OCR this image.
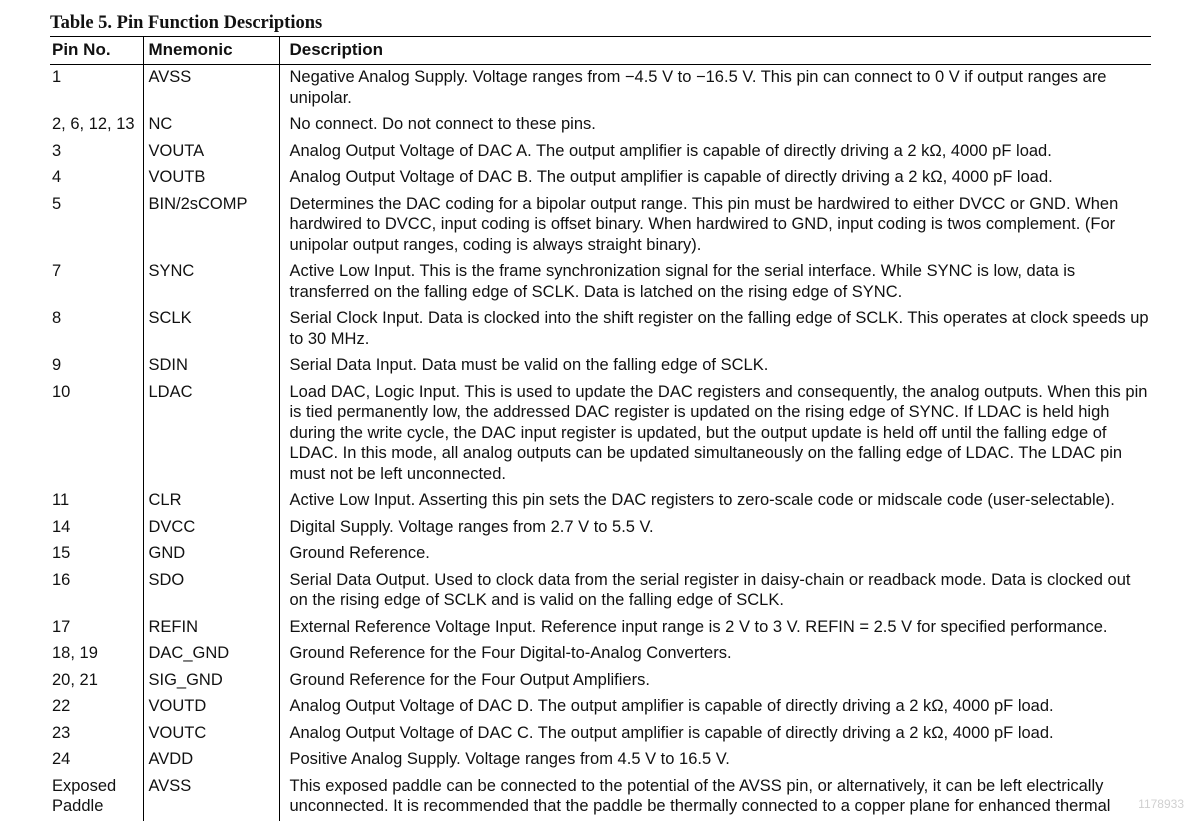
Table 5. Pin Function Descriptions
Pin No.	Mnemonic	Description
1	AVSS	Negative Analog Supply. Voltage ranges from −4.5 V to −16.5 V. This pin can connect to 0 V if output ranges are unipolar.
2, 6, 12, 13	NC	No connect. Do not connect to these pins.
3	VOUTA	Analog Output Voltage of DAC A. The output amplifier is capable of directly driving a 2 kΩ, 4000 pF load.
4	VOUTB	Analog Output Voltage of DAC B. The output amplifier is capable of directly driving a 2 kΩ, 4000 pF load.
5	BIN/2sCOMP	Determines the DAC coding for a bipolar output range. This pin must be hardwired to either DVCC or GND. When hardwired to DVCC, input coding is offset binary. When hardwired to GND, input coding is twos complement. (For unipolar output ranges, coding is always straight binary).
7	SYNC	Active Low Input. This is the frame synchronization signal for the serial interface. While SYNC is low, data is transferred on the falling edge of SCLK. Data is latched on the rising edge of SYNC.
8	SCLK	Serial Clock Input. Data is clocked into the shift register on the falling edge of SCLK. This operates at clock speeds up to 30 MHz.
9	SDIN	Serial Data Input. Data must be valid on the falling edge of SCLK.
10	LDAC	Load DAC, Logic Input. This is used to update the DAC registers and consequently, the analog outputs. When this pin is tied permanently low, the addressed DAC register is updated on the rising edge of SYNC. If LDAC is held high during the write cycle, the DAC input register is updated, but the output update is held off until the falling edge of LDAC. In this mode, all analog outputs can be updated simultaneously on the falling edge of LDAC. The LDAC pin must not be left unconnected.
11	CLR	Active Low Input. Asserting this pin sets the DAC registers to zero-scale code or midscale code (user-selectable).
14	DVCC	Digital Supply. Voltage ranges from 2.7 V to 5.5 V.
15	GND	Ground Reference.
16	SDO	Serial Data Output. Used to clock data from the serial register in daisy-chain or readback mode. Data is clocked out on the rising edge of SCLK and is valid on the falling edge of SCLK.
17	REFIN	External Reference Voltage Input. Reference input range is 2 V to 3 V. REFIN = 2.5 V for specified performance.
18, 19	DAC_GND	Ground Reference for the Four Digital-to-Analog Converters.
20, 21	SIG_GND	Ground Reference for the Four Output Amplifiers.
22	VOUTD	Analog Output Voltage of DAC D. The output amplifier is capable of directly driving a 2 kΩ, 4000 pF load.
23	VOUTC	Analog Output Voltage of DAC C. The output amplifier is capable of directly driving a 2 kΩ, 4000 pF load.
24	AVDD	Positive Analog Supply. Voltage ranges from 4.5 V to 16.5 V.
Exposed Paddle	AVSS	This exposed paddle can be connected to the potential of the AVSS pin, or alternatively, it can be left electrically unconnected. It is recommended that the paddle be thermally connected to a copper plane for enhanced thermal 1178933
